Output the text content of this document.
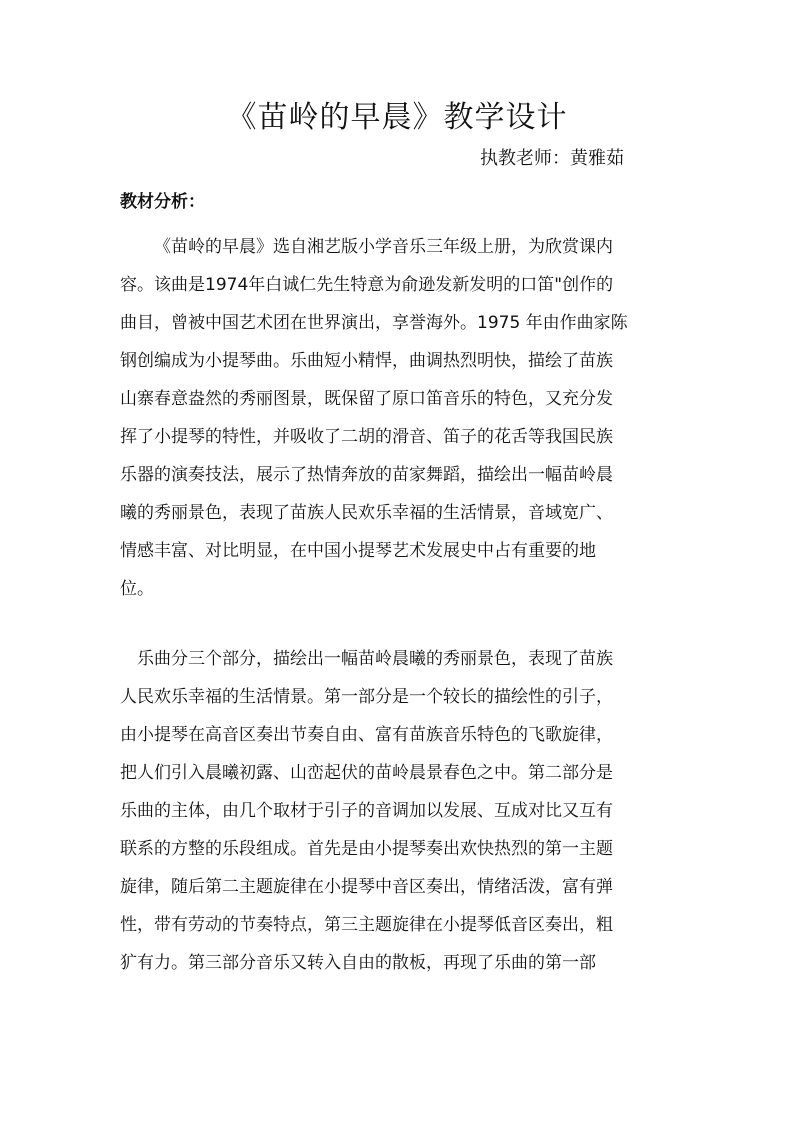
《苗岭的早晨》教学设计
执教老师：黄雅茹
教材分析：
《苗岭的早晨》选自湘艺版小学音乐三年级上册，为欣赏课内
容。该曲是1974年白诚仁先生特意为俞逊发新发明的口笛"创作的
曲目，曾被中国艺术团在世界演出，享誉海外。1975 年由作曲家陈
钢创编成为小提琴曲。乐曲短小精悍，曲调热烈明快，描绘了苗族
山寨春意盎然的秀丽图景，既保留了原口笛音乐的特色，又充分发
挥了小提琴的特性，并吸收了二胡的滑音、笛子的花舌等我国民族
乐器的演奏技法，展示了热情奔放的苗家舞蹈，描绘出一幅苗岭晨
曦的秀丽景色，表现了苗族人民欢乐幸福的生活情景，音域宽广、
情感丰富、对比明显，在中国小提琴艺术发展史中占有重要的地
位。
乐曲分三个部分，描绘出一幅苗岭晨曦的秀丽景色，表现了苗族
人民欢乐幸福的生活情景。第一部分是一个较长的描绘性的引子，
由小提琴在高音区奏出节奏自由、富有苗族音乐特色的飞歌旋律，
把人们引入晨曦初露、山峦起伏的苗岭晨景春色之中。第二部分是
乐曲的主体，由几个取材于引子的音调加以发展、互成对比又互有
联系的方整的乐段组成。首先是由小提琴奏出欢快热烈的第一主题
旋律，随后第二主题旋律在小提琴中音区奏出，情绪活泼，富有弹
性，带有劳动的节奏特点，第三主题旋律在小提琴低音区奏出，粗
犷有力。第三部分音乐又转入自由的散板，再现了乐曲的第一部
